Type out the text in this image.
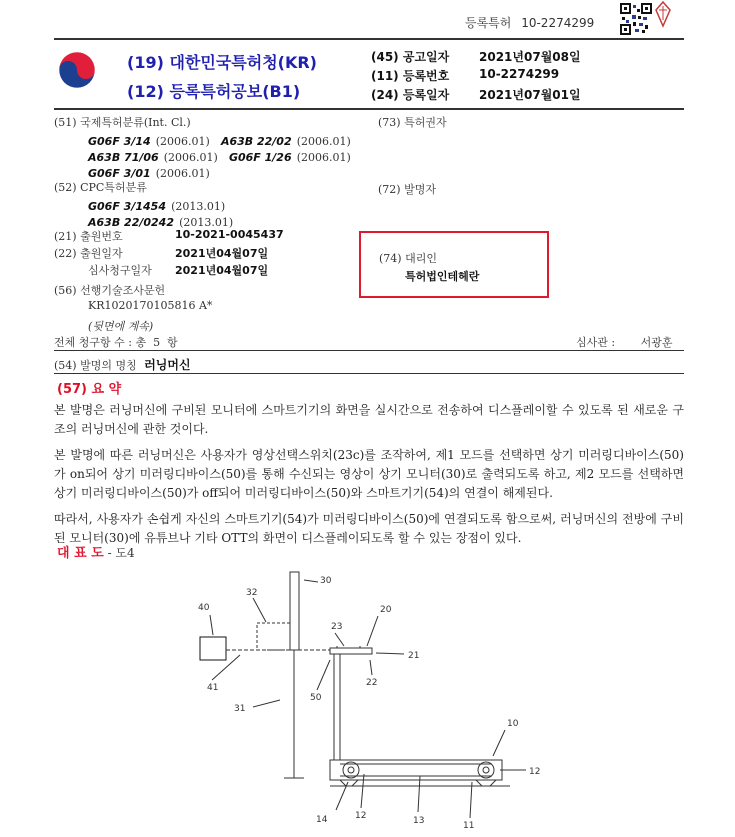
등록특허 10-2274299
(19) 대한민국특허청(KR)
(12) 등록특허공보(B1)
(45) 공고일자 2021년07월08일
(11) 등록번호 10-2274299
(24) 등록일자 2021년07월01일
(51) 국제특허분류(Int. Cl.)
G06F 3/14 (2006.01) A63B 22/02 (2006.01)
A63B 71/06 (2006.01) G06F 1/26 (2006.01)
G06F 3/01 (2006.01)
(52) CPC특허분류
G06F 3/1454 (2013.01)
A63B 22/0242 (2013.01)
(21) 출원번호	10-2021-0045437
(22) 출원일자	2021년04월07일
심사청구일자 2021년04월07일
(56) 선행기술조사문헌
KR1020170105816 A*
(뒷면에 계속)
전체 청구항 수 : 총  5  항	심사관 : 서광훈
(73) 특허권자
(72) 발명자
(74) 대리인
특허법인테헤란
(54) 발명의 명칭 러닝머신
(57) 요 약

본 발명은 러닝머신에 구비된 모니터에 스마트기기의 화면을 실시간으로 전송하여 디스플레이할 수 있도록 된 새로운 구조의 러닝머신에 관한 것이다.

본 발명에 따른 러닝머신은 사용자가 영상선택스위치(23c)를 조작하여, 제1 모드를 선택하면 상기 미러링디바이스(50)가 on되어 상기 미러링디바이스(50)를 통해 수신되는 영상이 상기 모니터(30)로 출력되도록 하고, 제2 모드를 선택하면 상기 미러링디바이스(50)가 off되어 미러링디바이스(50)와 스마트기기(54)의 연결이 해제된다.

따라서, 사용자가 손쉽게 자신의 스마트기기(54)가 미러링디바이스(50)에 연결되도록 함으로써, 러닝머신의 전방에 구비된 모니터(30)에 유튜브나 기타 OTT의 화면이 디스플레이되도록 할 수 있는 장점이 있다.

대 표 도 - 도4
40
32
30
41
31
23
20
21
22
50
10
12
14	12	13	11
